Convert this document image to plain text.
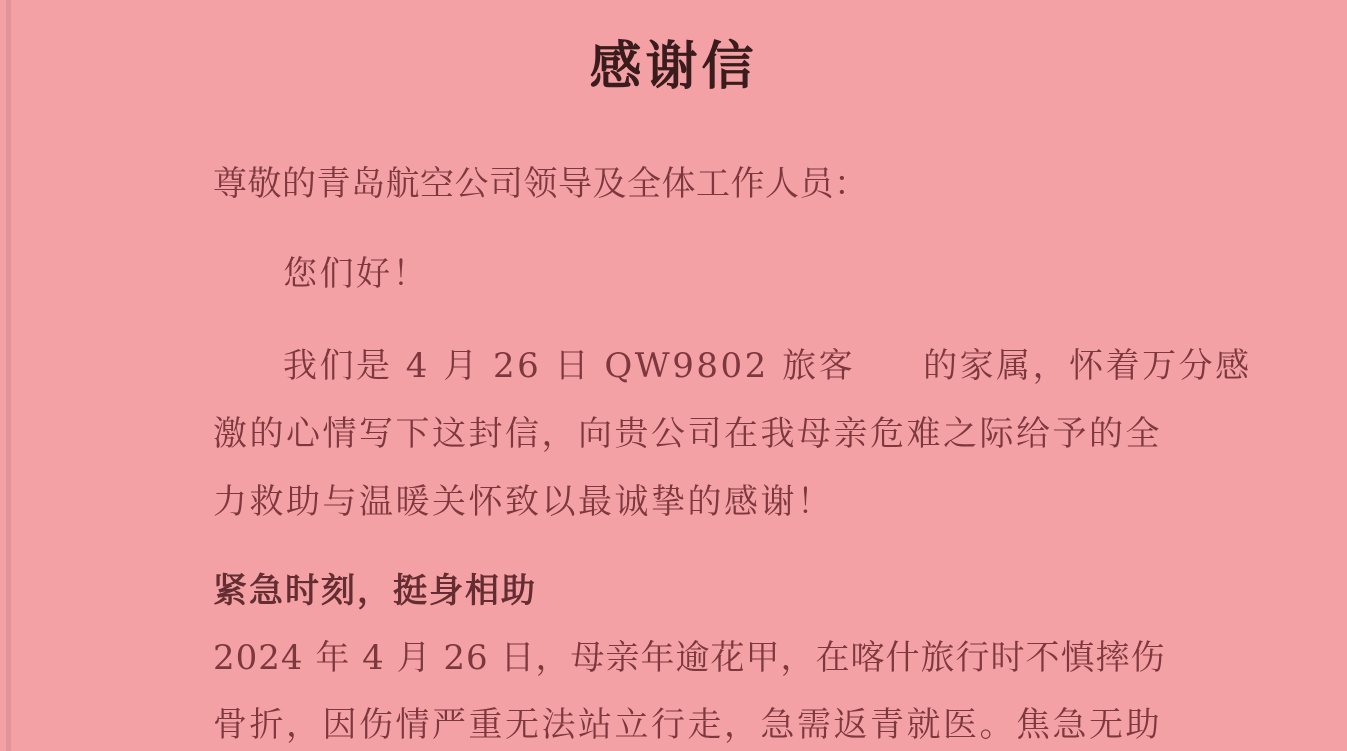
感谢信
尊敬的青岛航空公司领导及全体工作人员：
您们好！
我们是 4 月 26 日 QW9802 旅客 的家属，怀着万分感
激的心情写下这封信，向贵公司在我母亲危难之际给予的全
力救助与温暖关怀致以最诚挚的感谢！
紧急时刻，挺身相助
2024 年 4 月 26 日，母亲年逾花甲，在喀什旅行时不慎摔伤
骨折，因伤情严重无法站立行走，急需返青就医。焦急无助
